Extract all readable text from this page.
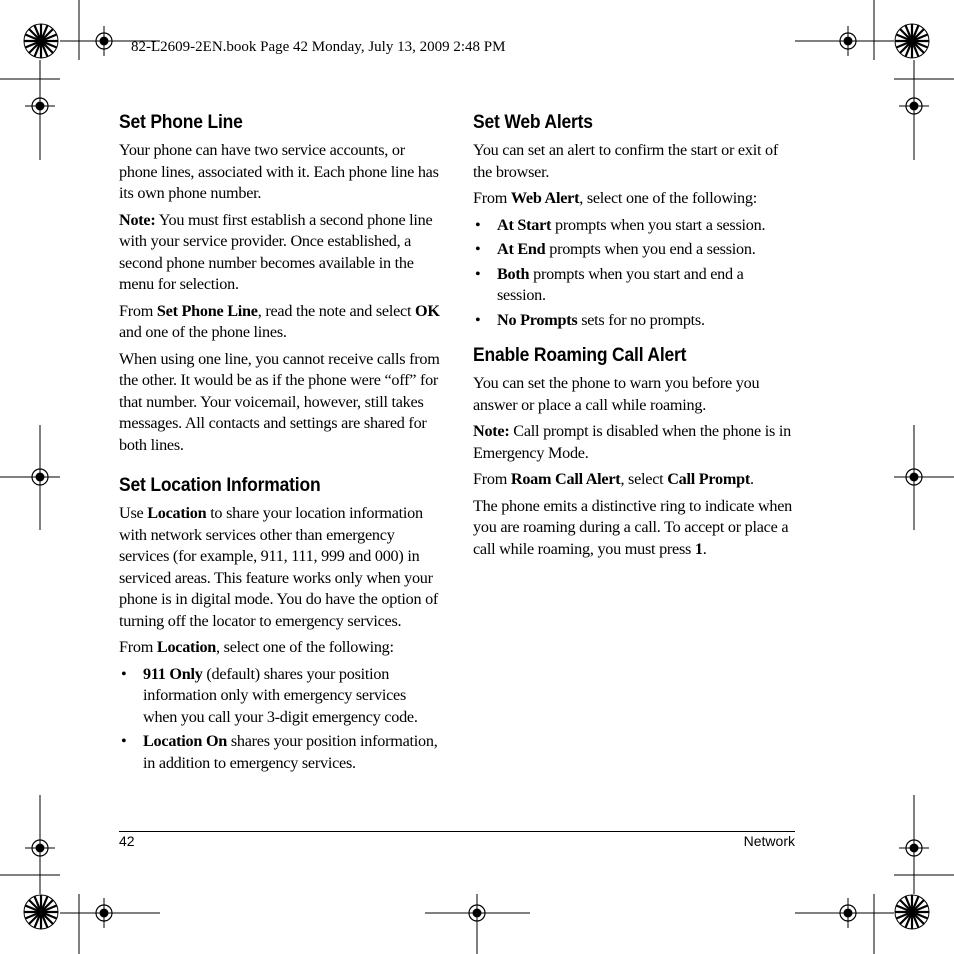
82-L2609-2EN.book Page 42 Monday, July 13, 2009 2:48 PM
Set Phone Line

Your phone can have two service accounts, or phone lines, associated with it. Each phone line has its own phone number.

Note: You must first establish a second phone line with your service provider. Once established, a second phone number becomes available in the menu for selection.

From Set Phone Line, read the note and select OK and one of the phone lines.

When using one line, you cannot receive calls from the other. It would be as if the phone were “off” for that number. Your voicemail, however, still takes messages. All contacts and settings are shared for both lines.

Set Location Information

Use Location to share your location information with network services other than emergency services (for example, 911, 111, 999 and 000) in serviced areas. This feature works only when your phone is in digital mode. You do have the option of turning off the locator to emergency services.

From Location, select one of the following:

• 911 Only (default) shares your position information only with emergency services when you call your 3-digit emergency code.
• Location On shares your position information, in addition to emergency services.
Set Web Alerts

You can set an alert to confirm the start or exit of the browser.

From Web Alert, select one of the following:

• At Start prompts when you start a session.
• At End prompts when you end a session.
• Both prompts when you start and end a session.
• No Prompts sets for no prompts.
Enable Roaming Call Alert

You can set the phone to warn you before you answer or place a call while roaming.

Note: Call prompt is disabled when the phone is in Emergency Mode.

From Roam Call Alert, select Call Prompt.

The phone emits a distinctive ring to indicate when you are roaming during a call. To accept or place a call while roaming, you must press 1.

42	Network
